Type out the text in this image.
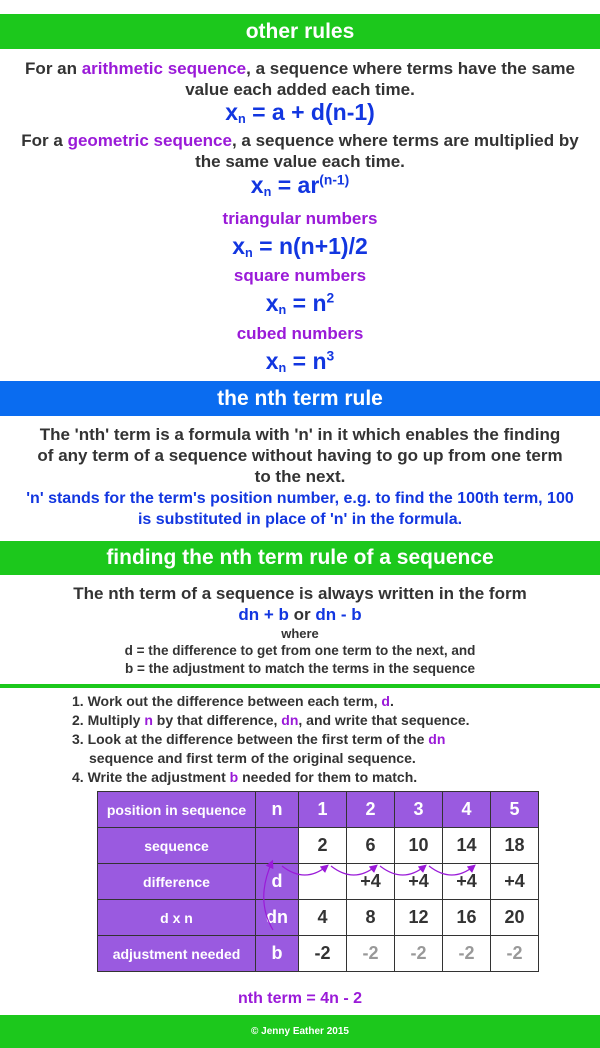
other rules
For an arithmetic sequence, a sequence where terms have the same value each added each time.
$x_n = a + d(n-1)$
For a geometric sequence, a sequence where terms are multiplied by the same value each time.
$x_n = ar^{(n-1)}$
triangular numbers
$x_n = n(n+1)/2$
square numbers
$x_n = n^2$
cubed numbers
$x_n = n^3$
the nth term rule
The 'nth' term is a formula with 'n' in it which enables the finding of any term of a sequence without having to go up from one term to the next.
'n' stands for the term's position number, e.g. to find the 100th term, 100 is substituted in place of 'n' in the formula.
finding the nth term rule of a sequence
The nth term of a sequence is always written in the form
dn + b or dn - b
where
d = the difference to get from one term to the next, and
b = the adjustment to match the terms in the sequence
1. Work out the difference between each term, d.
2. Multiply n by that difference, dn, and write that sequence.
3. Look at the difference between the first term of the dn
sequence and first term of the original sequence.
4. Write the adjustment b needed for them to match.
position in sequence	n	1	2	3	4	5
sequence		2	6	10	14	18
difference	d		+4	+4	+4	+4
d x n	dn	4	8	12	16	20
adjustment needed	b	-2	-2	-2	-2	-2
nth term = 4n - 2
© Jenny Eather 2015
